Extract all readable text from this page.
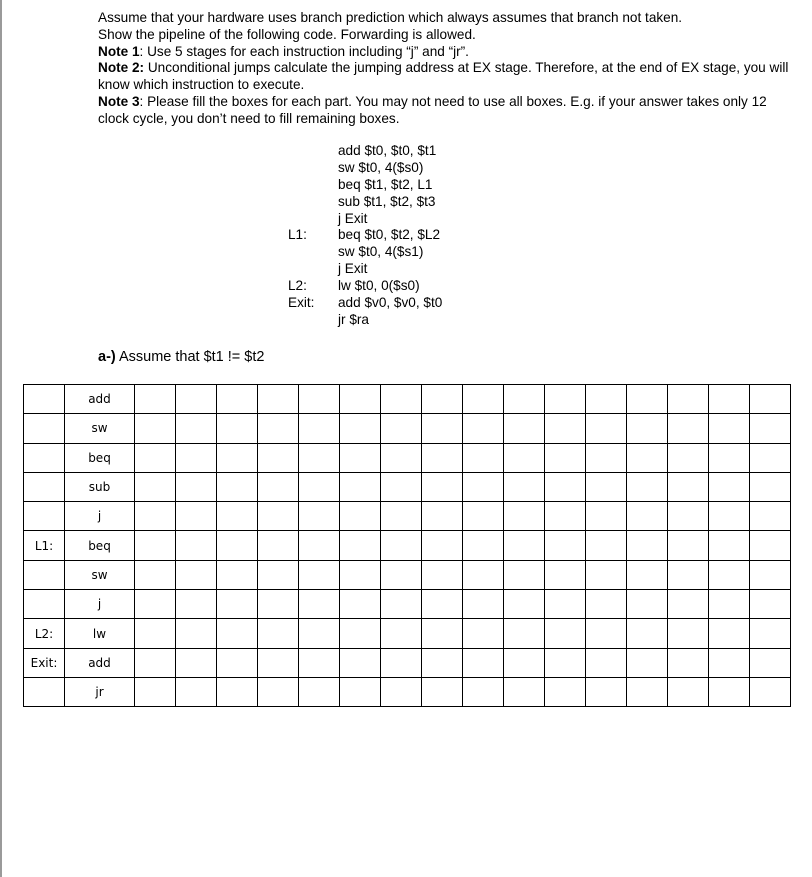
Assume that your hardware uses branch prediction which always assumes that branch not taken.

Show the pipeline of the following code. Forwarding is allowed.

Note 1: Use 5 stages for each instruction including “j” and “jr”.

Note 2: Unconditional jumps calculate the jumping address at EX stage. Therefore, at the end of EX stage, you will know which instruction to execute.

Note 3: Please fill the boxes for each part. You may not need to use all boxes. E.g. if your answer takes only 12 clock cycle, you don’t need to fill remaining boxes.

add $t0, $t0, $t1
sw $t0, 4($s0)
beq $t1, $t2, L1
sub $t1, $t2, $t3
j Exit
L1:	beq $t0, $t2, $L2
sw $t0, 4($s1)
j Exit
L2:	lw $t0, 0($s0)
Exit:	add $v0, $v0, $t0
jr $ra
a-) Assume that $t1 != $t2
	add																
	sw																
	beq																
	sub																
	j																
L1:	beq																
	sw																
	j																
L2:	lw																
Exit:	add																
	jr																
